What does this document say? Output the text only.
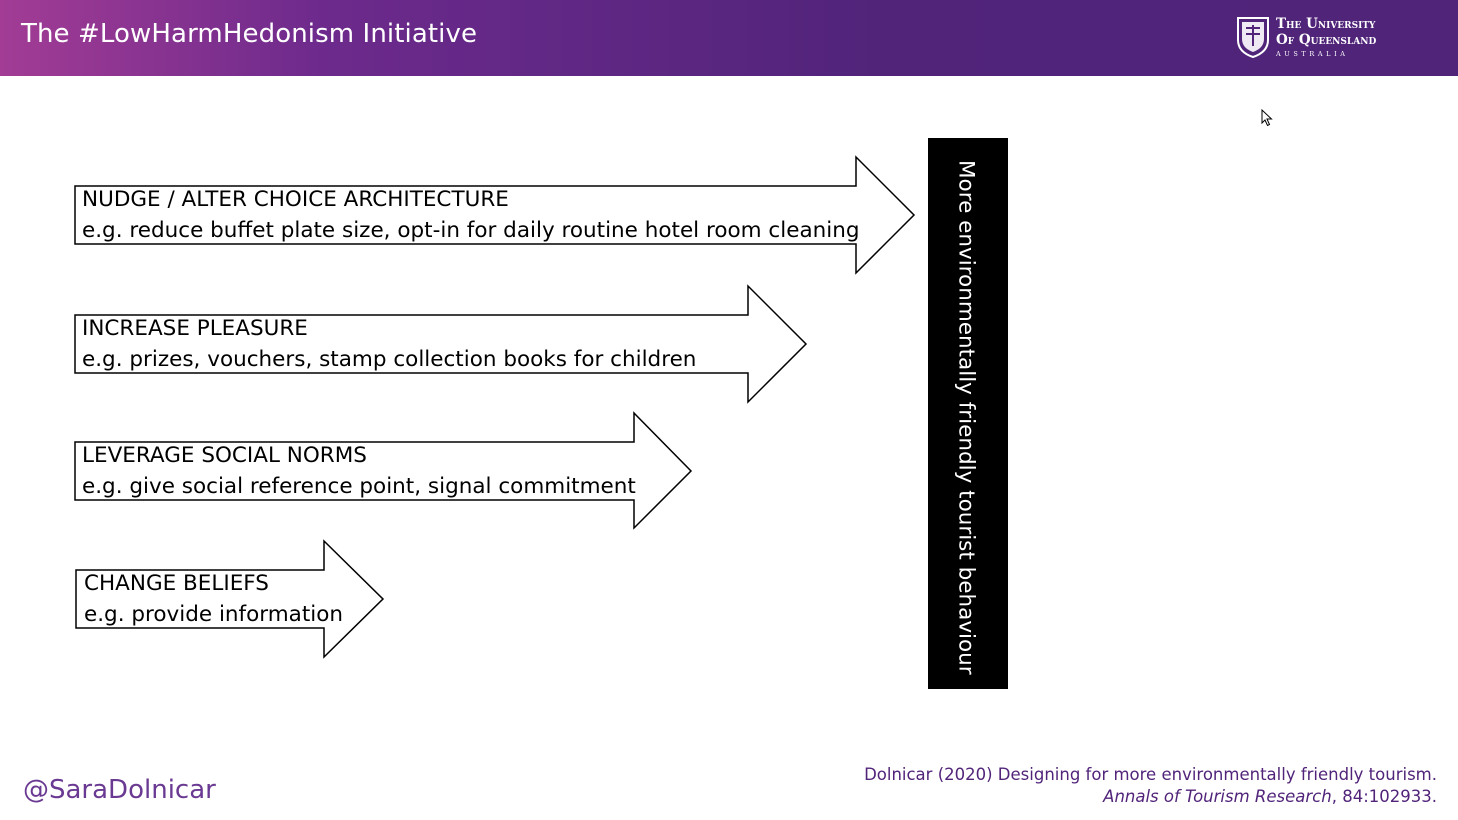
The #LowHarmHedonism Initiative	The University
Of Queensland
AUSTRALIA
NUDGE / ALTER CHOICE ARCHITECTURE
e.g. reduce buffet plate size, opt-in for daily routine hotel room cleaning
INCREASE PLEASURE
e.g. prizes, vouchers, stamp collection books for children
LEVERAGE SOCIAL NORMS
e.g. give social reference point, signal commitment
CHANGE BELIEFS
e.g. provide information	More environmentally friendly tourist behaviour
@SaraDolnicar
Dolnicar (2020) Designing for more environmentally friendly tourism.
Annals of Tourism Research, 84:102933.
